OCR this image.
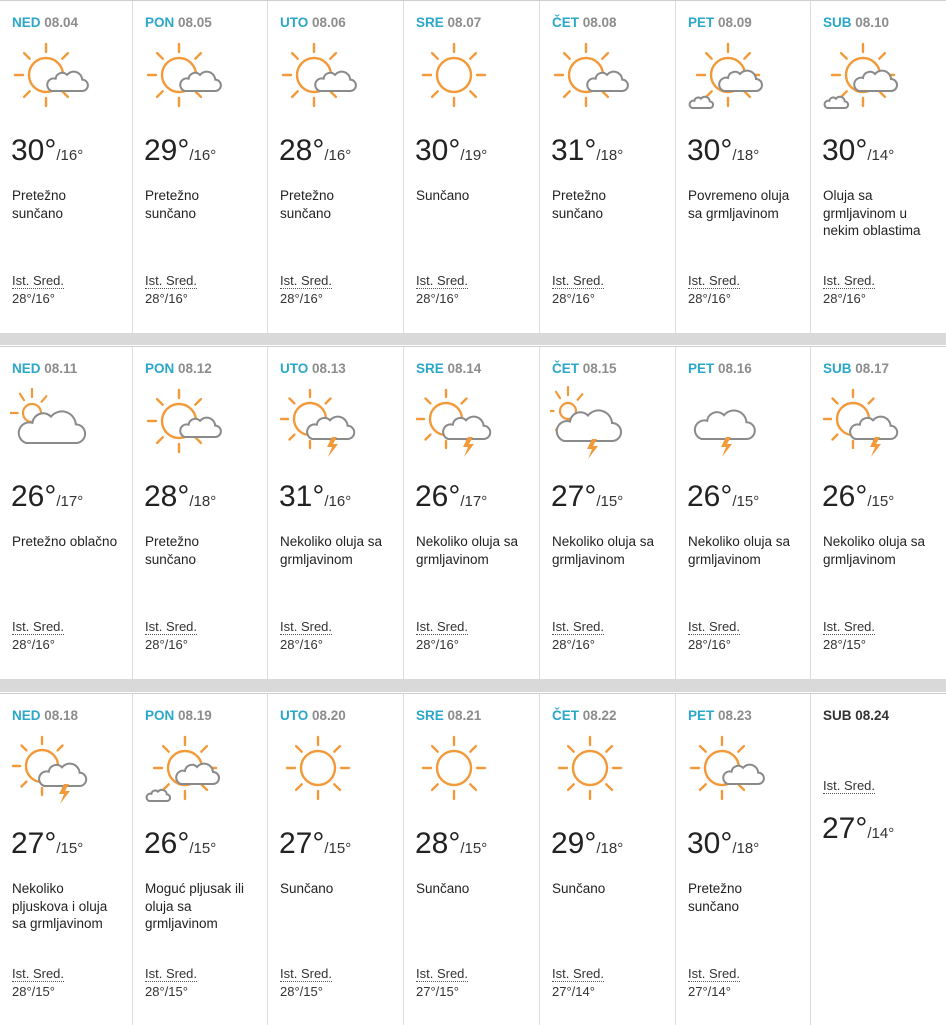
NED 08.04
30°/16°
Pretežno sunčano
Ist. Sred.
28°/16°
PON 08.05
29°/16°
Pretežno sunčano
Ist. Sred.
28°/16°
UTO 08.06
28°/16°
Pretežno sunčano
Ist. Sred.
28°/16°
SRE 08.07
30°/19°
Sunčano
Ist. Sred.
28°/16°
ČET 08.08
31°/18°
Pretežno sunčano
Ist. Sred.
28°/16°
PET 08.09
30°/18°
Povremeno oluja sa grmljavinom
Ist. Sred.
28°/16°
SUB 08.10
30°/14°
Oluja sa grmljavinom u nekim oblastima
Ist. Sred.
28°/16°
NED 08.11
26°/17°
Pretežno oblačno
Ist. Sred.
28°/16°
PON 08.12
28°/18°
Pretežno sunčano
Ist. Sred.
28°/16°
UTO 08.13
31°/16°
Nekoliko oluja sa grmljavinom
Ist. Sred.
28°/16°
SRE 08.14
26°/17°
Nekoliko oluja sa grmljavinom
Ist. Sred.
28°/16°
ČET 08.15
27°/15°
Nekoliko oluja sa grmljavinom
Ist. Sred.
28°/16°
PET 08.16
26°/15°
Nekoliko oluja sa grmljavinom
Ist. Sred.
28°/16°
SUB 08.17
26°/15°
Nekoliko oluja sa grmljavinom
Ist. Sred.
28°/15°
NED 08.18
27°/15°
Nekoliko pljuskova i oluja sa grmljavinom
Ist. Sred.
28°/15°
PON 08.19
26°/15°
Moguć pljusak ili oluja sa grmljavinom
Ist. Sred.
28°/15°
UTO 08.20
27°/15°
Sunčano
Ist. Sred.
28°/15°
SRE 08.21
28°/15°
Sunčano
Ist. Sred.
27°/15°
ČET 08.22
29°/18°
Sunčano
Ist. Sred.
27°/14°
PET 08.23
30°/18°
Pretežno sunčano
Ist. Sred.
27°/14°
SUB 08.24
Ist. Sred.
27°/14°
